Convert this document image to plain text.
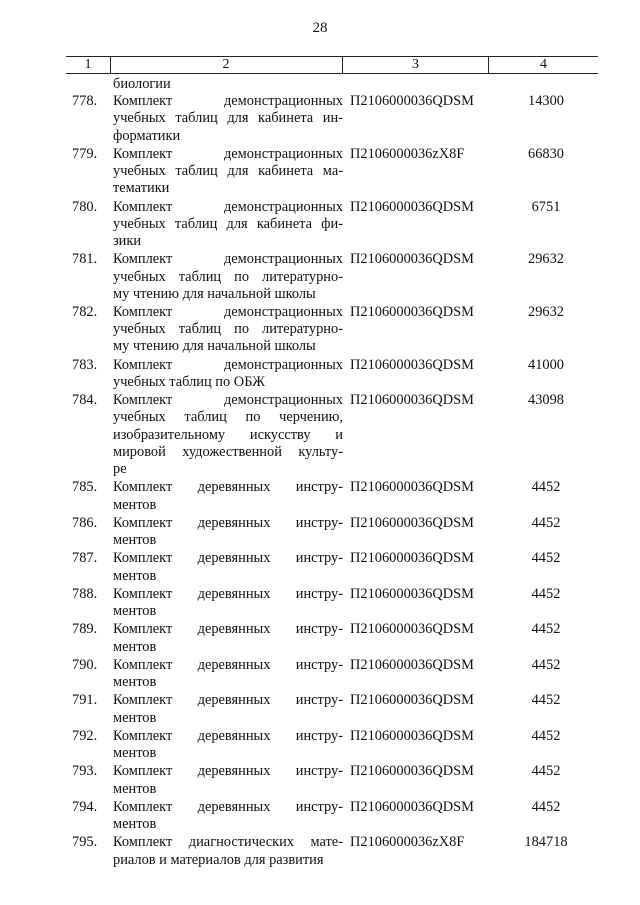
28
1	2	3	4
биологии
778.	Комплект демонстрационных
учебных таблиц для кабинета ин-
форматики
П2106000036QDSM	14300
779.	Комплект демонстрационных
учебных таблиц для кабинета ма-
тематики
П2106000036zX8F	66830
780.	Комплект демонстрационных
учебных таблиц для кабинета фи-
зики
П2106000036QDSM	6751
781.	Комплект демонстрационных
учебных таблиц по литературно-
му чтению для начальной школы
П2106000036QDSM	29632
782.	Комплект демонстрационных
учебных таблиц по литературно-
му чтению для начальной школы
П2106000036QDSM	29632
783.	Комплект демонстрационных
учебных таблиц по ОБЖ
П2106000036QDSM	41000
784.	Комплект демонстрационных
учебных таблиц по черчению,
изобразительному искусству и
мировой художественной культу-
ре
П2106000036QDSM	43098
785.	Комплект деревянных инстру-
ментов
П2106000036QDSM	4452
786.	Комплект деревянных инстру-
ментов
П2106000036QDSM	4452
787.	Комплект деревянных инстру-
ментов
П2106000036QDSM	4452
788.	Комплект деревянных инстру-
ментов
П2106000036QDSM	4452
789.	Комплект деревянных инстру-
ментов
П2106000036QDSM	4452
790.	Комплект деревянных инстру-
ментов
П2106000036QDSM	4452
791.	Комплект деревянных инстру-
ментов
П2106000036QDSM	4452
792.	Комплект деревянных инстру-
ментов
П2106000036QDSM	4452
793.	Комплект деревянных инстру-
ментов
П2106000036QDSM	4452
794.	Комплект деревянных инстру-
ментов
П2106000036QDSM	4452
795.	Комплект диагностических мате-
риалов и материалов для развития
П2106000036zX8F	184718
